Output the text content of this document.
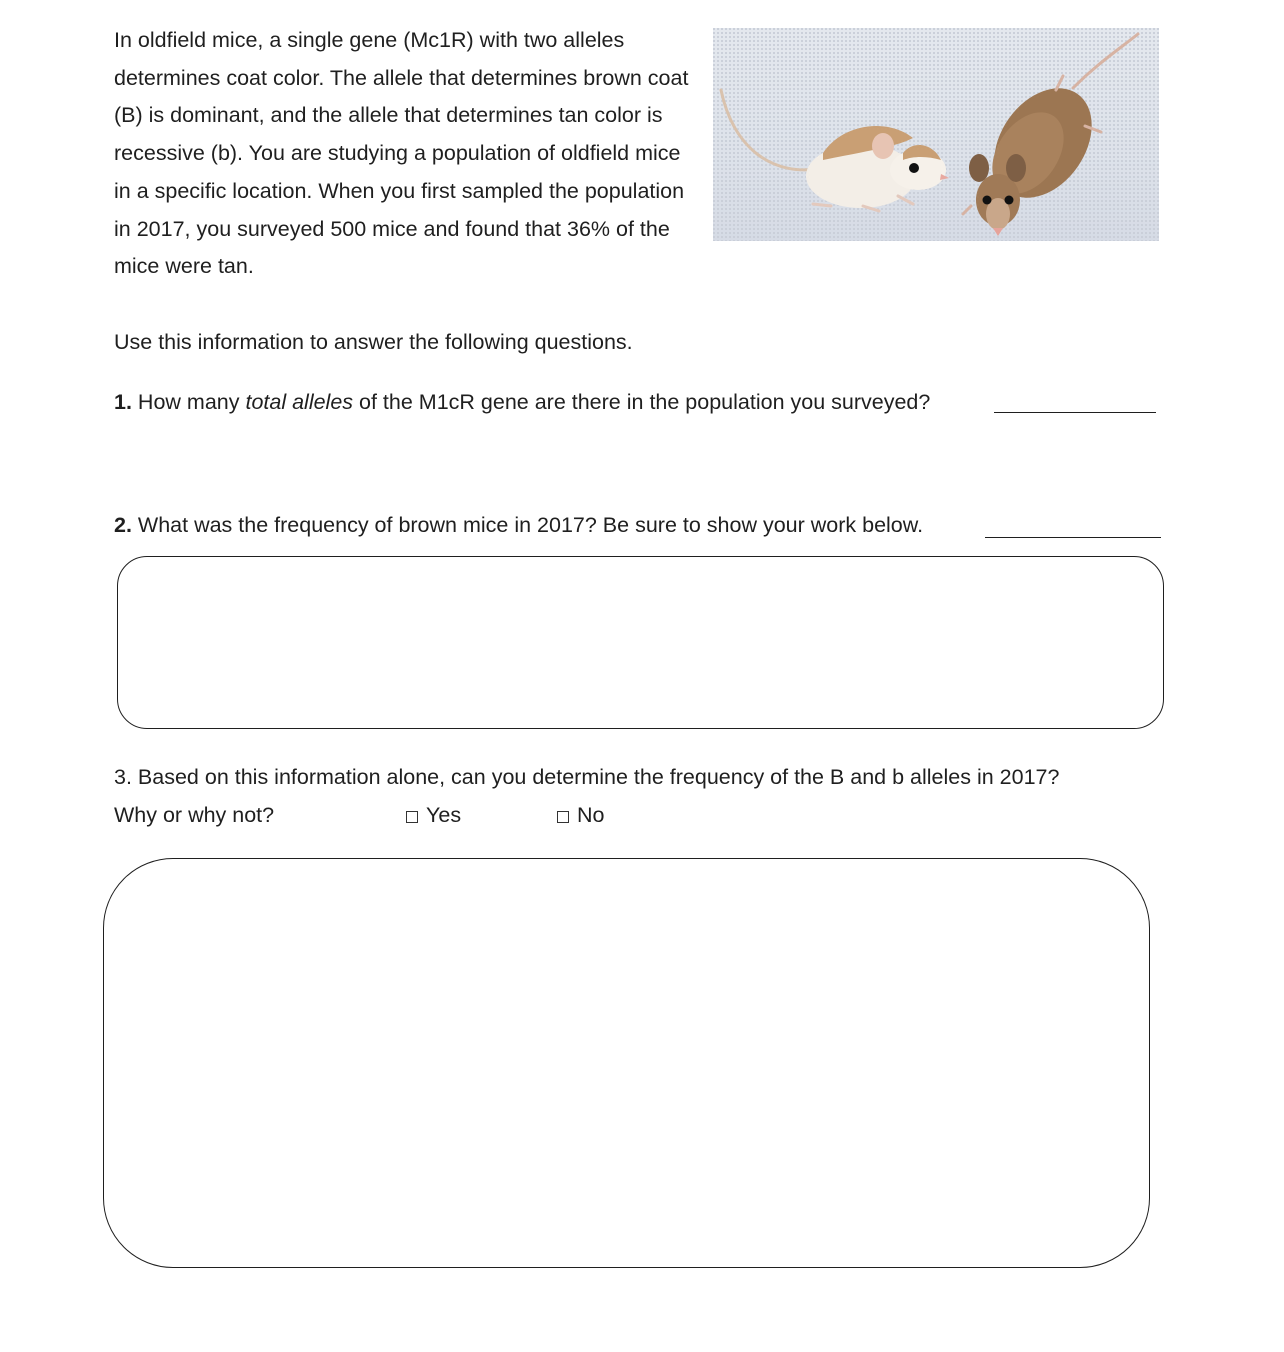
In oldfield mice, a single gene (Mc1R) with two alleles determines coat color. The allele that determines brown coat (B) is dominant, and the allele that determines tan color is recessive (b). You are studying a population of oldfield mice in a specific location. When you first sampled the population in 2017, you surveyed 500 mice and found that 36% of the mice were tan.

Use this information to answer the following questions.

1. How many total alleles of the M1cR gene are there in the population you surveyed?

2. What was the frequency of brown mice in 2017? Be sure to show your work below.

3. Based on this information alone, can you determine the frequency of the B and b alleles in 2017?

Why or why not?	Yes	No
